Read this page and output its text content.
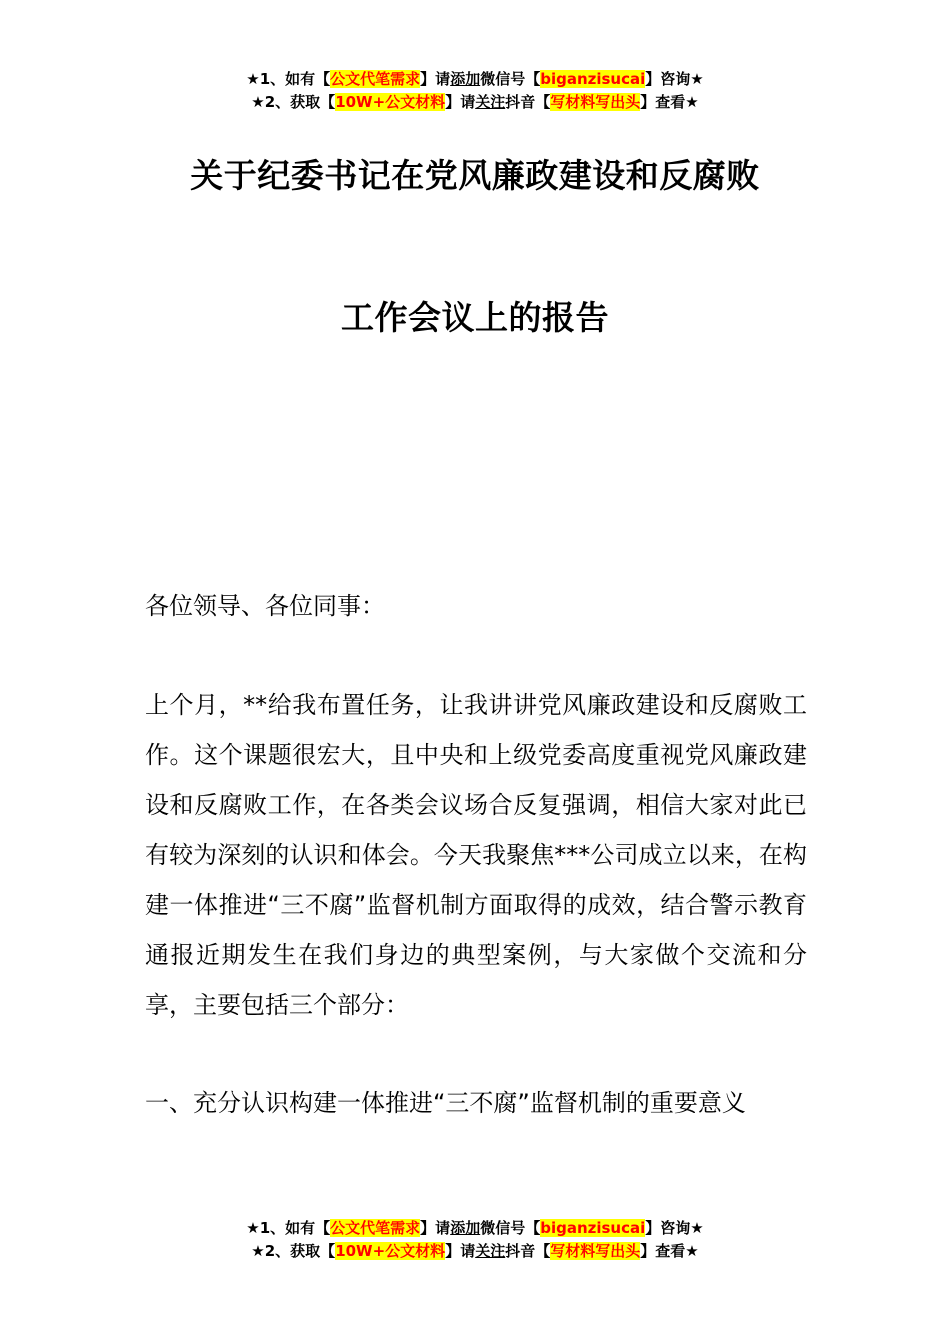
★1、如有【公文代笔需求】请添加微信号【biganzisucai】咨询★
★2、获取【10W+公文材料】请关注抖音【写材料写出头】查看★
关于纪委书记在党风廉政建设和反腐败
工作会议上的报告

各位领导、各位同事：

上个月，**给我布置任务，让我讲讲党风廉政建设和反腐败工作。这个课题很宏大，且中央和上级党委高度重视党风廉政建设和反腐败工作，在各类会议场合反复强调，相信大家对此已有较为深刻的认识和体会。今天我聚焦***公司成立以来，在构建一体推进“三不腐”监督机制方面取得的成效，结合警示教育通报近期发生在我们身边的典型案例，与大家做个交流和分享，主要包括三个部分：

一、充分认识构建一体推进“三不腐”监督机制的重要意义

★1、如有【公文代笔需求】请添加微信号【biganzisucai】咨询★
★2、获取【10W+公文材料】请关注抖音【写材料写出头】查看★
